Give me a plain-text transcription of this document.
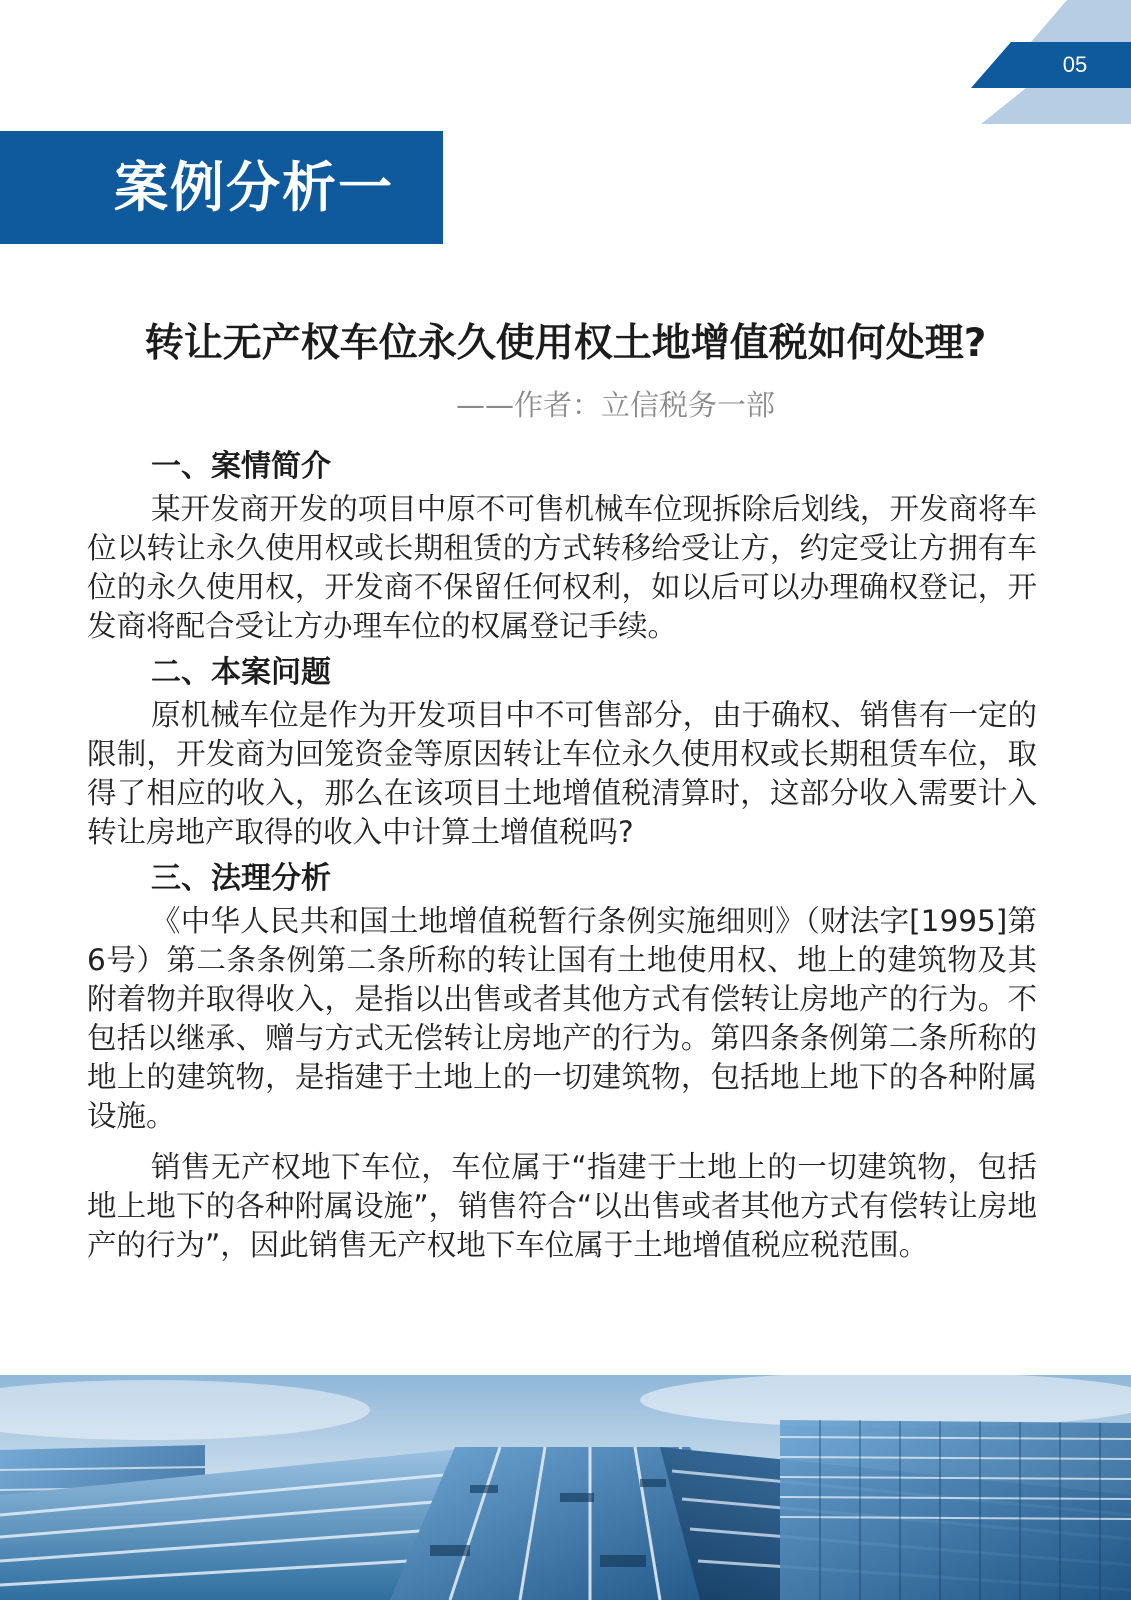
05
案例分析一
转让无产权车位永久使用权土地增值税如何处理?
——作者：立信税务一部
一、案情简介

某开发商开发的项目中原不可售机械车位现拆除后划线，开发商将车位以转让永久使用权或长期租赁的方式转移给受让方，约定受让方拥有车位的永久使用权，开发商不保留任何权利，如以后可以办理确权登记，开发商将配合受让方办理车位的权属登记手续。

二、本案问题

原机械车位是作为开发项目中不可售部分，由于确权、销售有一定的限制，开发商为回笼资金等原因转让车位永久使用权或长期租赁车位，取得了相应的收入，那么在该项目土地增值税清算时，这部分收入需要计入转让房地产取得的收入中计算土增值税吗?

三、法理分析

《中华人民共和国土地增值税暂行条例实施细则》（财法字[1995]第6号）第二条条例第二条所称的转让国有土地使用权、地上的建筑物及其附着物并取得收入，是指以出售或者其他方式有偿转让房地产的行为。不包括以继承、赠与方式无偿转让房地产的行为。第四条条例第二条所称的地上的建筑物，是指建于土地上的一切建筑物，包括地上地下的各种附属设施。

销售无产权地下车位，车位属于“指建于土地上的一切建筑物，包括地上地下的各种附属设施”，销售符合“以出售或者其他方式有偿转让房地产的行为”，因此销售无产权地下车位属于土地增值税应税范围。
